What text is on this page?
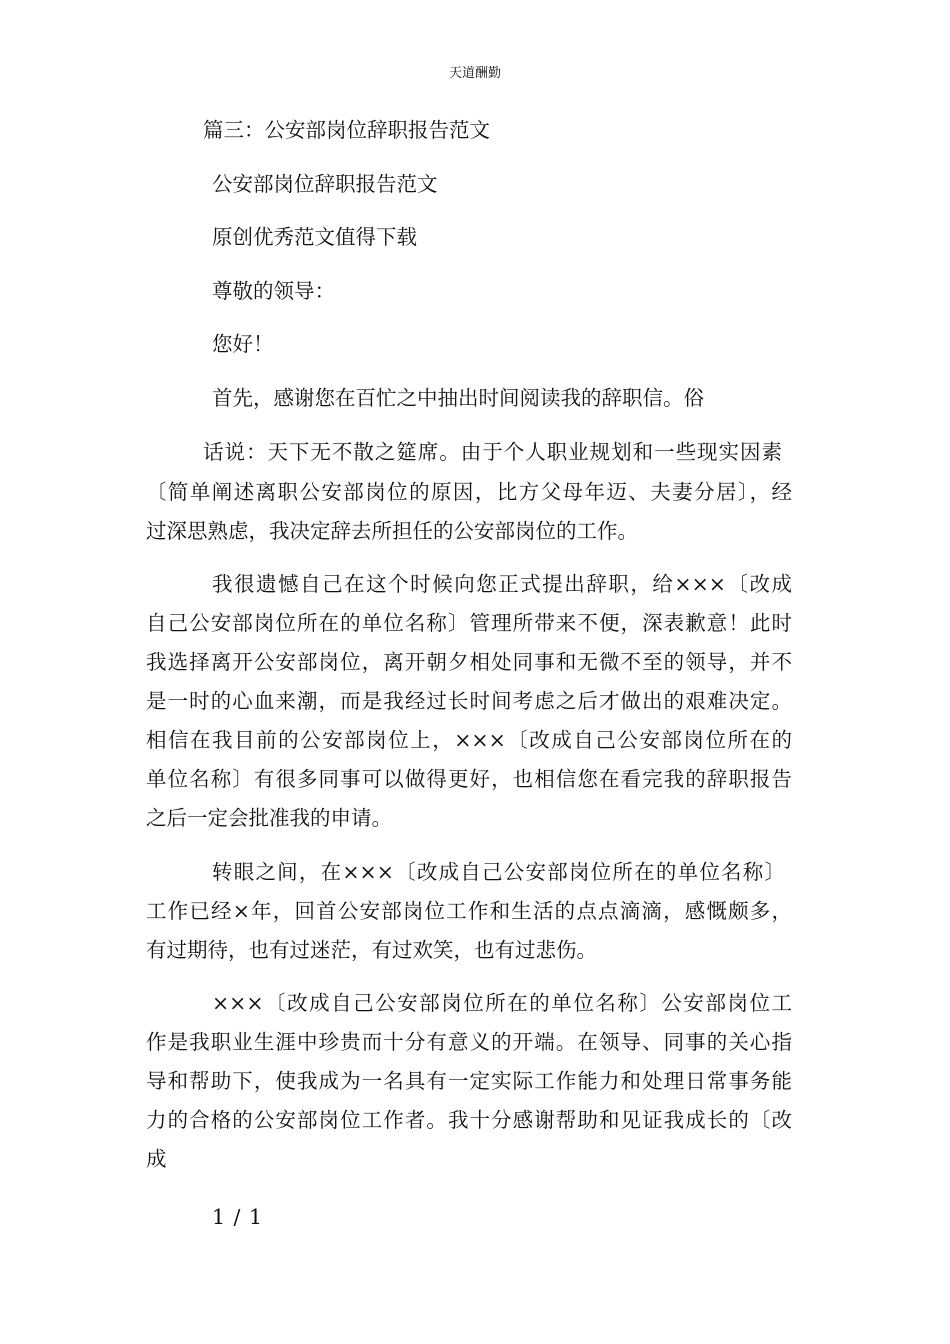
天道酬勤
篇三：公安部岗位辞职报告范文
公安部岗位辞职报告范文
原创优秀范文值得下载
尊敬的领导：
您好！
首先，感谢您在百忙之中抽出时间阅读我的辞职信。俗
话说：天下无不散之筵席。由于个人职业规划和一些现实因素
〔简单阐述离职公安部岗位的原因，比方父母年迈、夫妻分居〕，经
过深思熟虑，我决定辞去所担任的公安部岗位的工作。
我很遗憾自己在这个时候向您正式提出辞职，给×××〔改成
自己公安部岗位所在的单位名称〕管理所带来不便，深表歉意！此时
我选择离开公安部岗位，离开朝夕相处同事和无微不至的领导，并不
是一时的心血来潮，而是我经过长时间考虑之后才做出的艰难决定。
相信在我目前的公安部岗位上，×××〔改成自己公安部岗位所在的
单位名称〕有很多同事可以做得更好，也相信您在看完我的辞职报告
之后一定会批准我的申请。
转眼之间，在×××〔改成自己公安部岗位所在的单位名称〕
工作已经×年，回首公安部岗位工作和生活的点点滴滴，感慨颇多，
有过期待，也有过迷茫，有过欢笑，也有过悲伤。
×××〔改成自己公安部岗位所在的单位名称〕公安部岗位工
作是我职业生涯中珍贵而十分有意义的开端。在领导、同事的关心指
导和帮助下，使我成为一名具有一定实际工作能力和处理日常事务能
力的合格的公安部岗位工作者。我十分感谢帮助和见证我成长的〔改
成
1 / 1
